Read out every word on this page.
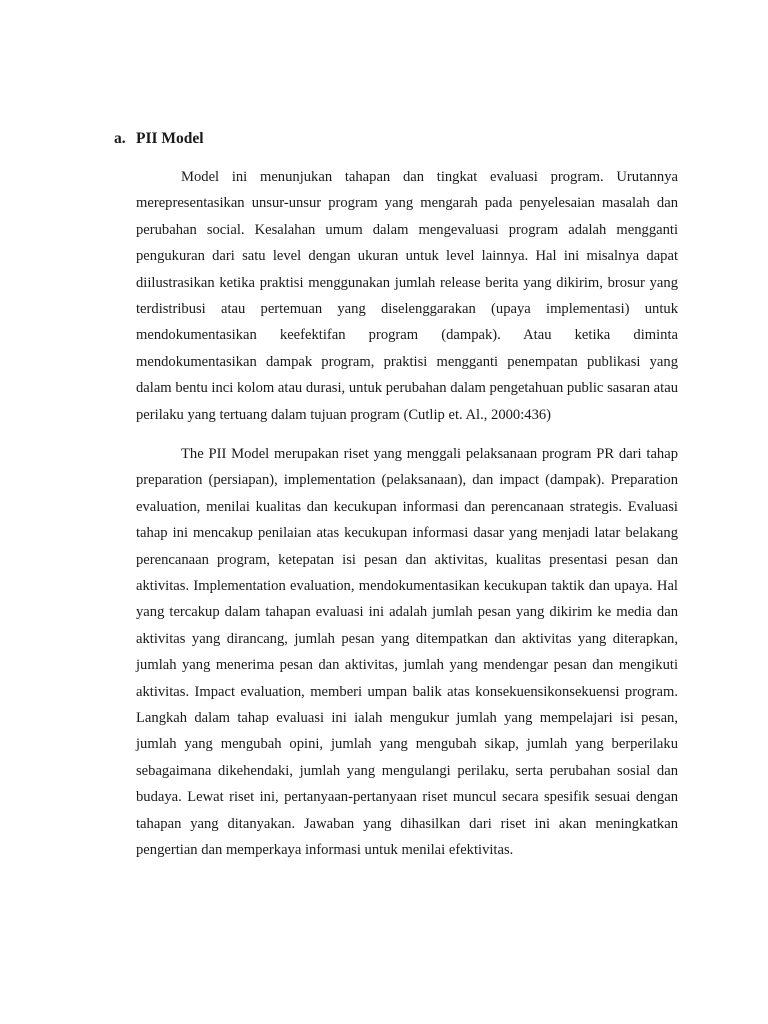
a. PII Model

Model ini menunjukan tahapan dan tingkat evaluasi program. Urutannya merepresentasikan unsur-unsur program yang mengarah pada penyelesaian masalah dan perubahan social. Kesalahan umum dalam mengevaluasi program adalah mengganti pengukuran dari satu level dengan ukuran untuk level lainnya. Hal ini misalnya dapat diilustrasikan ketika praktisi menggunakan jumlah release berita yang dikirim, brosur yang terdistribusi atau pertemuan yang diselenggarakan (upaya implementasi) untuk mendokumentasikan keefektifan program (dampak). Atau ketika diminta mendokumentasikan dampak program, praktisi mengganti penempatan publikasi yang dalam bentu inci kolom atau durasi, untuk perubahan dalam pengetahuan public sasaran atau perilaku yang tertuang dalam tujuan program (Cutlip et. Al., 2000:436)

The PII Model merupakan riset yang menggali pelaksanaan program PR dari tahap preparation (persiapan), implementation (pelaksanaan), dan impact (dampak). Preparation evaluation, menilai kualitas dan kecukupan informasi dan perencanaan strategis. Evaluasi tahap ini mencakup penilaian atas kecukupan informasi dasar yang menjadi latar belakang perencanaan program, ketepatan isi pesan dan aktivitas, kualitas presentasi pesan dan aktivitas. Implementation evaluation, mendokumentasikan kecukupan taktik dan upaya. Hal yang tercakup dalam tahapan evaluasi ini adalah jumlah pesan yang dikirim ke media dan aktivitas yang dirancang, jumlah pesan yang ditempatkan dan aktivitas yang diterapkan, jumlah yang menerima pesan dan aktivitas, jumlah yang mendengar pesan dan mengikuti aktivitas. Impact evaluation, memberi umpan balik atas konsekuensikonsekuensi program. Langkah dalam tahap evaluasi ini ialah mengukur jumlah yang mempelajari isi pesan, jumlah yang mengubah opini, jumlah yang mengubah sikap, jumlah yang berperilaku sebagaimana dikehendaki, jumlah yang mengulangi perilaku, serta perubahan sosial dan budaya. Lewat riset ini, pertanyaan-pertanyaan riset muncul secara spesifik sesuai dengan tahapan yang ditanyakan. Jawaban yang dihasilkan dari riset ini akan meningkatkan pengertian dan memperkaya informasi untuk menilai efektivitas.
